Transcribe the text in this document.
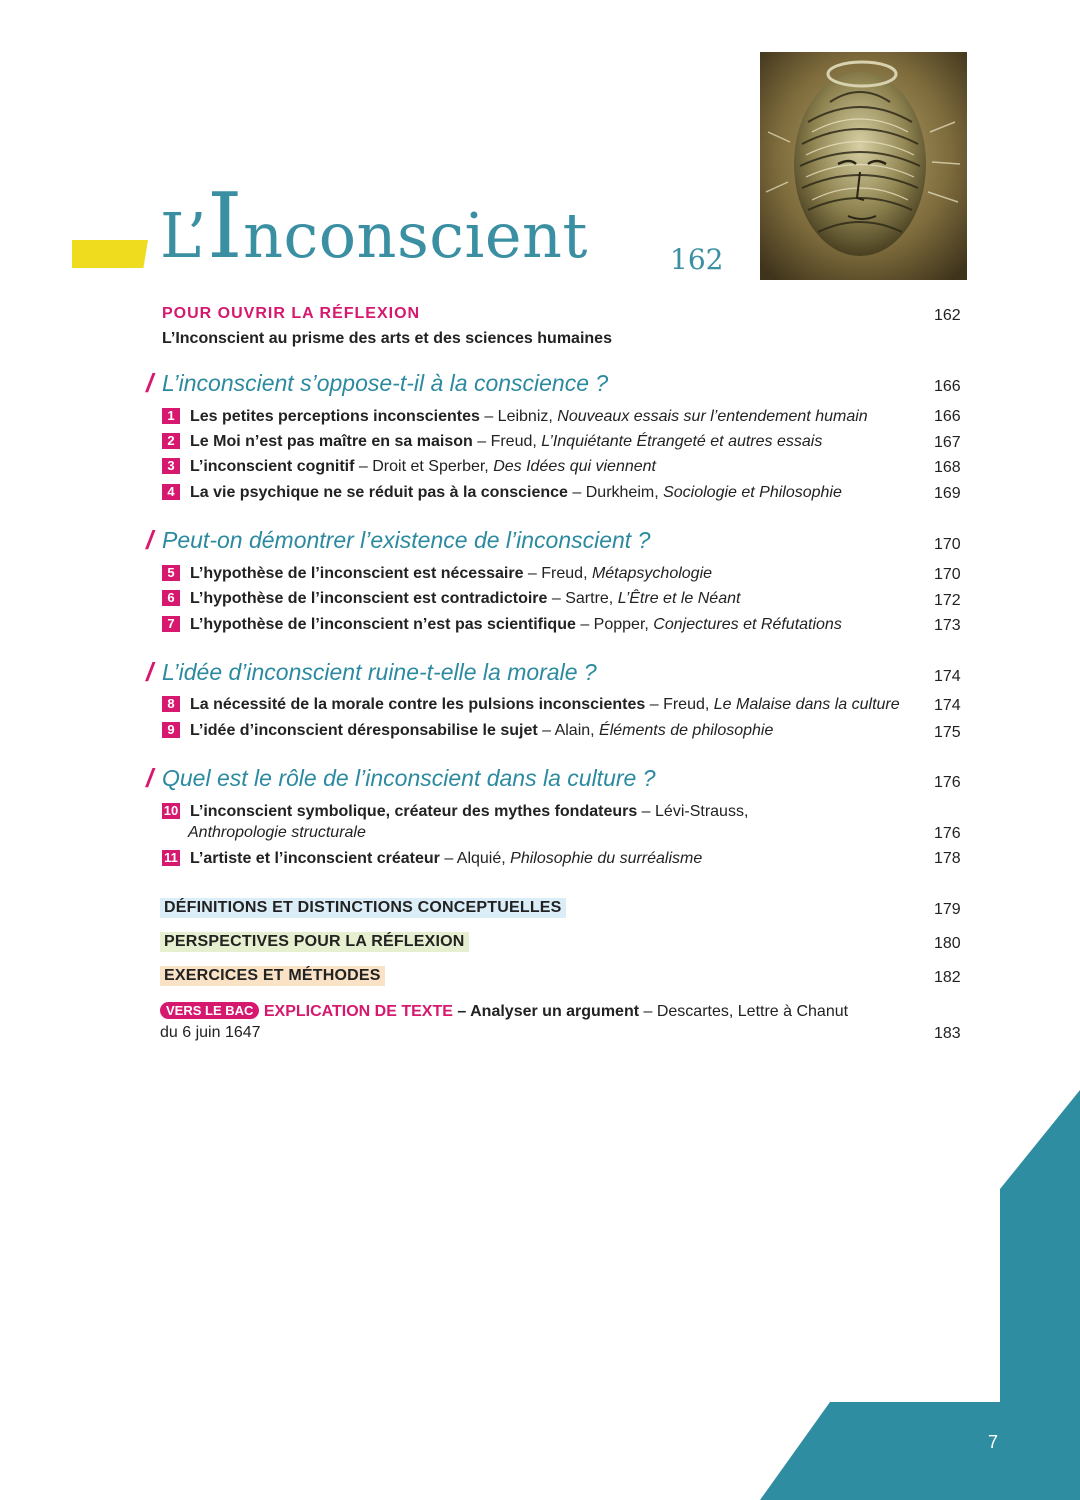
L’Inconscient	162
POUR OUVRIR LA RÉFLEXION	162
L’Inconscient au prisme des arts et des sciences humaines
/ L’inconscient s’oppose-t-il à la conscience ?	166
1 Les petites perceptions inconscientes – Leibniz, Nouveaux essais sur l’entendement humain	166
2 Le Moi n’est pas maître en sa maison – Freud, L’Inquiétante Étrangeté et autres essais	167
3 L’inconscient cognitif – Droit et Sperber, Des Idées qui viennent	168
4 La vie psychique ne se réduit pas à la conscience – Durkheim, Sociologie et Philosophie	169
/ Peut-on démontrer l’existence de l’inconscient ?	170
5 L’hypothèse de l’inconscient est nécessaire – Freud, Métapsychologie	170
6 L’hypothèse de l’inconscient est contradictoire – Sartre, L’Être et le Néant	172
7 L’hypothèse de l’inconscient n’est pas scientifique – Popper, Conjectures et Réfutations	173
/ L’idée d’inconscient ruine-t-elle la morale ?	174
8 La nécessité de la morale contre les pulsions inconscientes – Freud, Le Malaise dans la culture 174
9 L’idée d’inconscient déresponsabilise le sujet – Alain, Éléments de philosophie	175
/ Quel est le rôle de l’inconscient dans la culture ?	176
10 L’inconscient symbolique, créateur des mythes fondateurs – Lévi-Strauss,
Anthropologie structurale	176
11 L’artiste et l’inconscient créateur – Alquié, Philosophie du surréalisme	178
DÉFINITIONS ET DISTINCTIONS CONCEPTUELLES	179
PERSPECTIVES POUR LA RÉFLEXION	180
EXERCICES ET MÉTHODES	182
VERS LE BAC EXPLICATION DE TEXTE – Analyser un argument – Descartes, Lettre à Chanut
du 6 juin 1647	183
7
